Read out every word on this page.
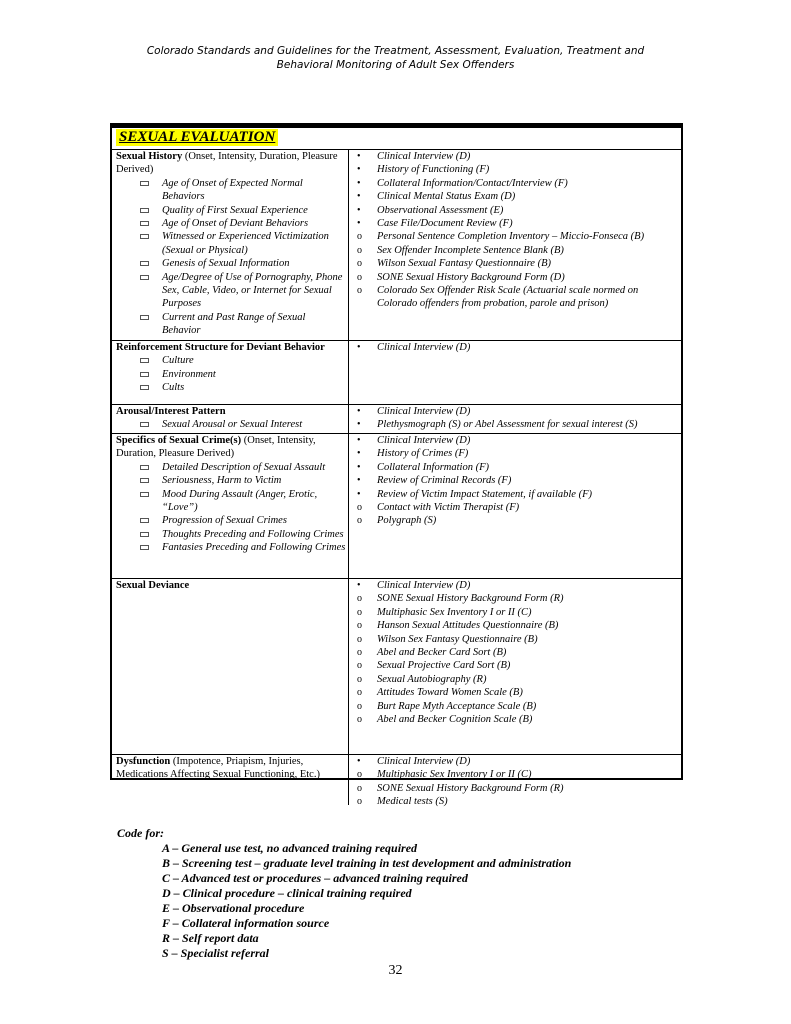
Colorado Standards and Guidelines for the Treatment, Assessment, Evaluation, Treatment and
Behavioral Monitoring of Adult Sex Offenders
SEXUAL EVALUATION
Sexual History (Onset, Intensity, Duration, Pleasure Derived)
Age of Onset of Expected Normal Behaviors
Quality of First Sexual Experience
Age of Onset of Deviant Behaviors
Witnessed or Experienced Victimization (Sexual or Physical)
Genesis of Sexual Information
Age/Degree of Use of Pornography, Phone Sex, Cable, Video, or Internet for Sexual Purposes
Current and Past Range of Sexual Behavior
• Clinical Interview (D)
• History of Functioning (F)
• Collateral Information/Contact/Interview (F)
• Clinical Mental Status Exam (D)
• Observational Assessment (E)
• Case File/Document Review (F)
o Personal Sentence Completion Inventory – Miccio-Fonseca (B)
o Sex Offender Incomplete Sentence Blank (B)
o Wilson Sexual Fantasy Questionnaire (B)
o SONE Sexual History Background Form (D)
o Colorado Sex Offender Risk Scale (Actuarial scale normed on Colorado offenders from probation, parole and prison)
Reinforcement Structure for Deviant Behavior
Culture
Environment
Cults
• Clinical Interview (D)
Arousal/Interest Pattern
Sexual Arousal or Sexual Interest
• Clinical Interview (D)
• Plethysmograph (S) or Abel Assessment for sexual interest (S)
Specifics of Sexual Crime(s) (Onset, Intensity, Duration, Pleasure Derived)
Detailed Description of Sexual Assault
Seriousness, Harm to Victim
Mood During Assault (Anger, Erotic, “Love”)
Progression of Sexual Crimes
Thoughts Preceding and Following Crimes
Fantasies Preceding and Following Crimes
• Clinical Interview (D)
• History of Crimes (F)
• Collateral Information (F)
• Review of Criminal Records (F)
• Review of Victim Impact Statement, if available (F)
o Contact with Victim Therapist (F)
o Polygraph (S)
Sexual Deviance	• Clinical Interview (D)
o SONE Sexual History Background Form (R)
o Multiphasic Sex Inventory I or II (C)
o Hanson Sexual Attitudes Questionnaire (B)
o Wilson Sex Fantasy Questionnaire (B)
o Abel and Becker Card Sort (B)
o Sexual Projective Card Sort (B)
o Sexual Autobiography (R)
o Attitudes Toward Women Scale (B)
o Burt Rape Myth Acceptance Scale (B)
o Abel and Becker Cognition Scale (B)
Dysfunction (Impotence, Priapism, Injuries, Medications Affecting Sexual Functioning, Etc.)
• Clinical Interview (D)
o Multiphasic Sex Inventory I or II (C)
o SONE Sexual History Background Form (R)
o Medical tests (S)
Code for:
A – General use test, no advanced training required
B – Screening test – graduate level training in test development and administration
C – Advanced test or procedures – advanced training required
D – Clinical procedure – clinical training required
E – Observational procedure
F – Collateral information source
R – Self report data
S – Specialist referral
32
